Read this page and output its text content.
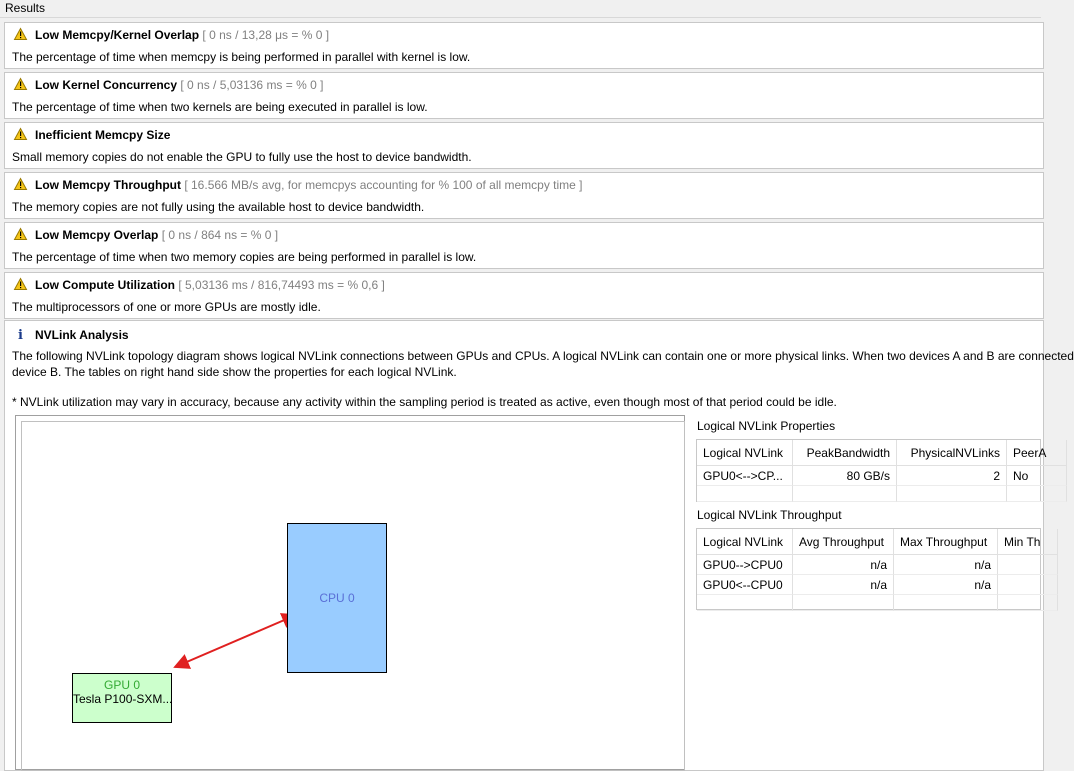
Results
Low Memcpy/Kernel Overlap [ 0 ns / 13,28 μs = % 0 ]
The percentage of time when memcpy is being performed in parallel with kernel is low.
Low Kernel Concurrency [ 0 ns / 5,03136 ms = % 0 ]
The percentage of time when two kernels are being executed in parallel is low.
Inefficient Memcpy Size
Small memory copies do not enable the GPU to fully use the host to device bandwidth.
Low Memcpy Throughput [ 16.566 MB/s avg, for memcpys accounting for % 100 of all memcpy time ]
The memory copies are not fully using the available host to device bandwidth.
Low Memcpy Overlap [ 0 ns / 864 ns = % 0 ]
The percentage of time when two memory copies are being performed in parallel is low.
Low Compute Utilization [ 5,03136 ms / 816,74493 ms = % 0,6 ]
The multiprocessors of one or more GPUs are mostly idle.
i NVLink Analysis
The following NVLink topology diagram shows logical NVLink connections between GPUs and CPUs. A logical NVLink can contain one or more physical links. When two devices A and B are connected
device B. The tables on right hand side show the properties for each logical NVLink.
* NVLink utilization may vary in accuracy, because any activity within the sampling period is treated as active, even though most of that period could be idle.
CPU 0
GPU 0
Tesla P100-SXM...
Logical NVLink Properties
Logical NVLink	PeakBandwidth	PhysicalNVLinks	PeerA
GPU0<-->CP...	80 GB/s	2	No
Logical NVLink Throughput
Logical NVLink	Avg Throughput	Max Throughput	Min Th
GPU0-->CPU0	n/a	n/a
GPU0<--CPU0	n/a	n/a
